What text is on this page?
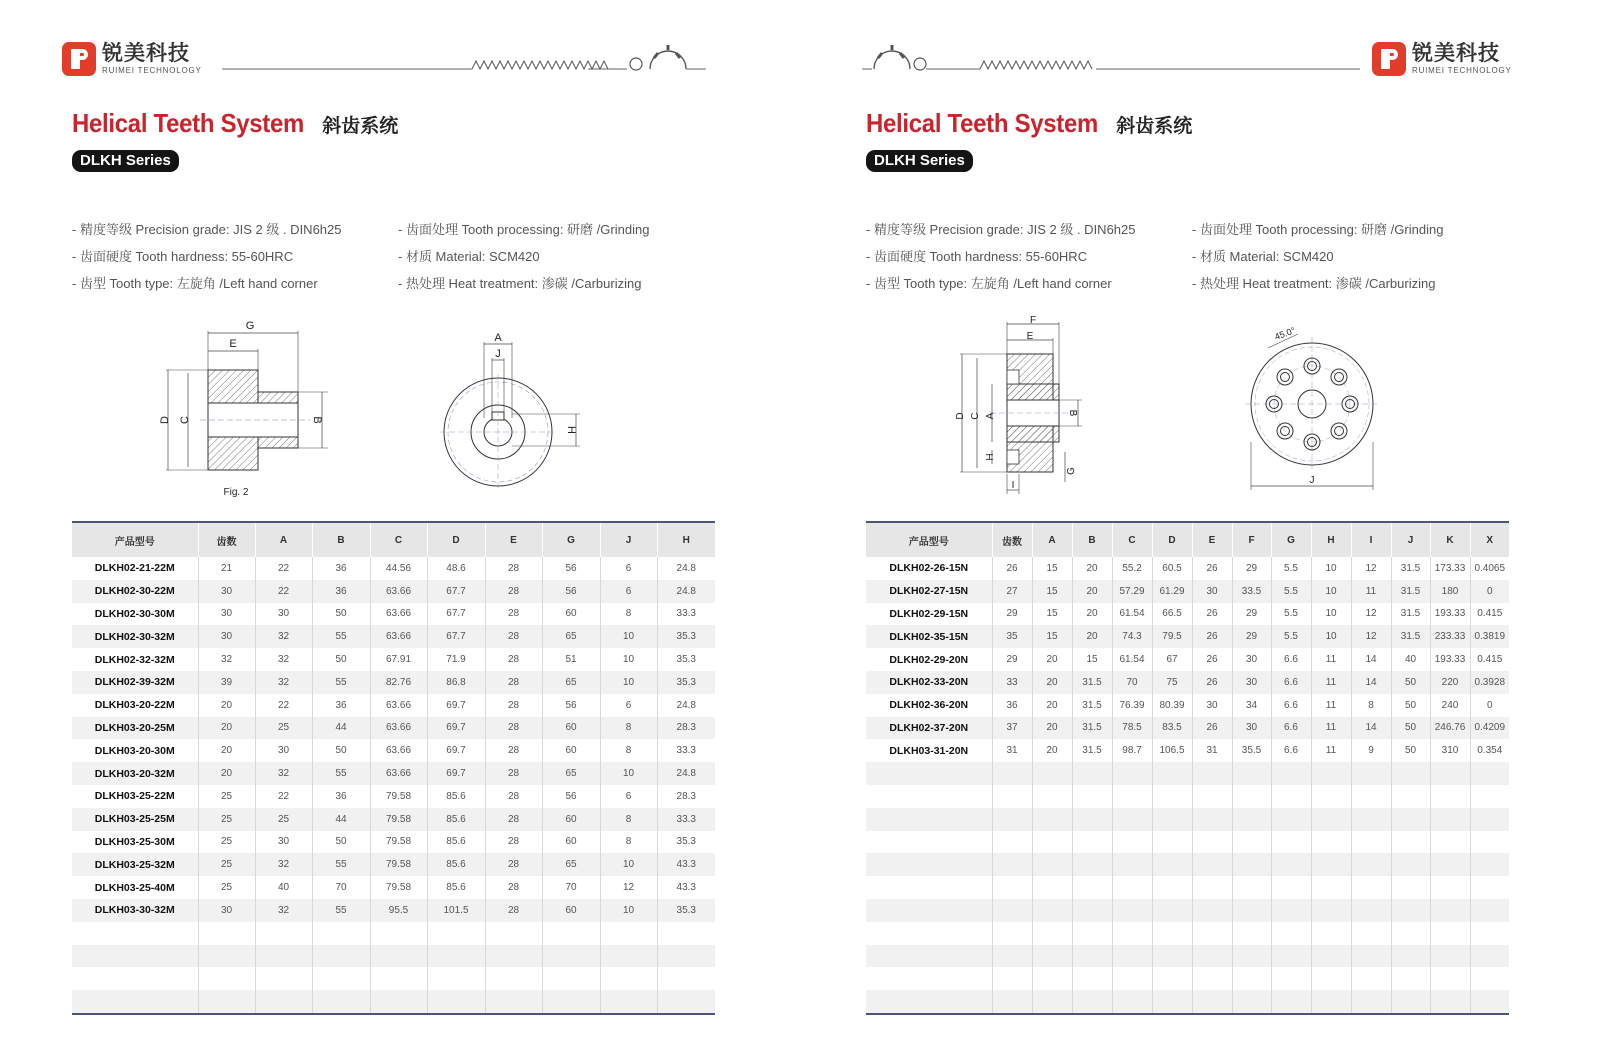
锐美科技
RUIMEI TECHNOLOGY
Helical Teeth System 斜齿系统
DLKH Series
- 精度等级 Precision grade: JIS 2 级 . DIN6h25	- 齿面处理 Tooth processing: 研磨 /Grinding
- 齿面硬度 Tooth hardness: 55-60HRC	- 材质 Material: SCM420
- 齿型 Tooth type: 左旋角 /Left hand corner	- 热处理 Heat treatment: 渗碳 /Carburizing
G
E
D C	B
Fig. 2
A
J
H
产品型号	齿数	A	B	C	D	E	G	J	H
DLKH02-21-22M	21	22	36	44.56	48.6	28	56	6	24.8
DLKH02-30-22M	30	22	36	63.66	67.7	28	56	6	24.8
DLKH02-30-30M	30	30	50	63.66	67.7	28	60	8	33.3
DLKH02-30-32M	30	32	55	63.66	67.7	28	65	10	35.3
DLKH02-32-32M	32	32	50	67.91	71.9	28	51	10	35.3
DLKH02-39-32M	39	32	55	82.76	86.8	28	65	10	35.3
DLKH03-20-22M	20	22	36	63.66	69.7	28	56	6	24.8
DLKH03-20-25M	20	25	44	63.66	69.7	28	60	8	28.3
DLKH03-20-30M	20	30	50	63.66	69.7	28	60	8	33.3
DLKH03-20-32M	20	32	55	63.66	69.7	28	65	10	24.8
DLKH03-25-22M	25	22	36	79.58	85.6	28	56	6	28.3
DLKH03-25-25M	25	25	44	79.58	85.6	28	60	8	33.3
DLKH03-25-30M	25	30	50	79.58	85.6	28	60	8	35.3
DLKH03-25-32M	25	32	55	79.58	85.6	28	65	10	43.3
DLKH03-25-40M	25	40	70	79.58	85.6	28	70	12	43.3
DLKH03-30-32M	30	32	55	95.5	101.5	28	60	10	35.3

锐美科技
RUIMEI TECHNOLOGY
Helical Teeth System 斜齿系统
DLKH Series
- 精度等级 Precision grade: JIS 2 级 . DIN6h25	- 齿面处理 Tooth processing: 研磨 /Grinding
- 齿面硬度 Tooth hardness: 55-60HRC	- 材质 Material: SCM420
- 齿型 Tooth type: 左旋角 /Left hand corner	- 热处理 Heat treatment: 渗碳 /Carburizing
F
E
D C A	B
H
G
I
45.0°
J
产品型号	齿数	A	B	C	D	E	F	G	H	I	J	K	X
DLKH02-26-15N	26	15	20	55.2	60.5	26	29	5.5	10	12	31.5	173.33	0.4065
DLKH02-27-15N	27	15	20	57.29	61.29	30	33.5	5.5	10	11	31.5	180	0
DLKH02-29-15N	29	15	20	61.54	66.5	26	29	5.5	10	12	31.5	193.33	0.415
DLKH02-35-15N	35	15	20	74.3	79.5	26	29	5.5	10	12	31.5	233.33	0.3819
DLKH02-29-20N	29	20	15	61.54	67	26	30	6.6	11	14	40	193.33	0.415
DLKH02-33-20N	33	20	31.5	70	75	26	30	6.6	11	14	50	220	0.3928
DLKH02-36-20N	36	20	31.5	76.39	80.39	30	34	6.6	11	8	50	240	0
DLKH02-37-20N	37	20	31.5	78.5	83.5	26	30	6.6	11	14	50	246.76	0.4209
DLKH03-31-20N	31	20	31.5	98.7	106.5	31	35.5	6.6	11	9	50	310	0.354
